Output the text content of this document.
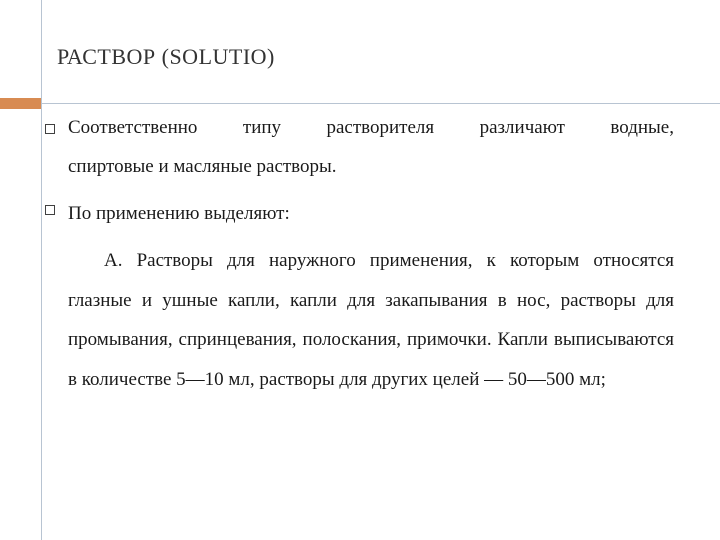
РАСТВОР (SOLUTIO)
Соответственно типу растворителя различают водные,
спиртовые и масляные растворы.
По применению выделяют:
А. Растворы для наружного применения, к которым относятся глазные и ушные капли, капли для закапывания в нос, растворы для промывания, спринцевания, полоскания, примочки. Капли выписываются в количестве 5—10 мл, растворы для других целей — 50—500 мл;
